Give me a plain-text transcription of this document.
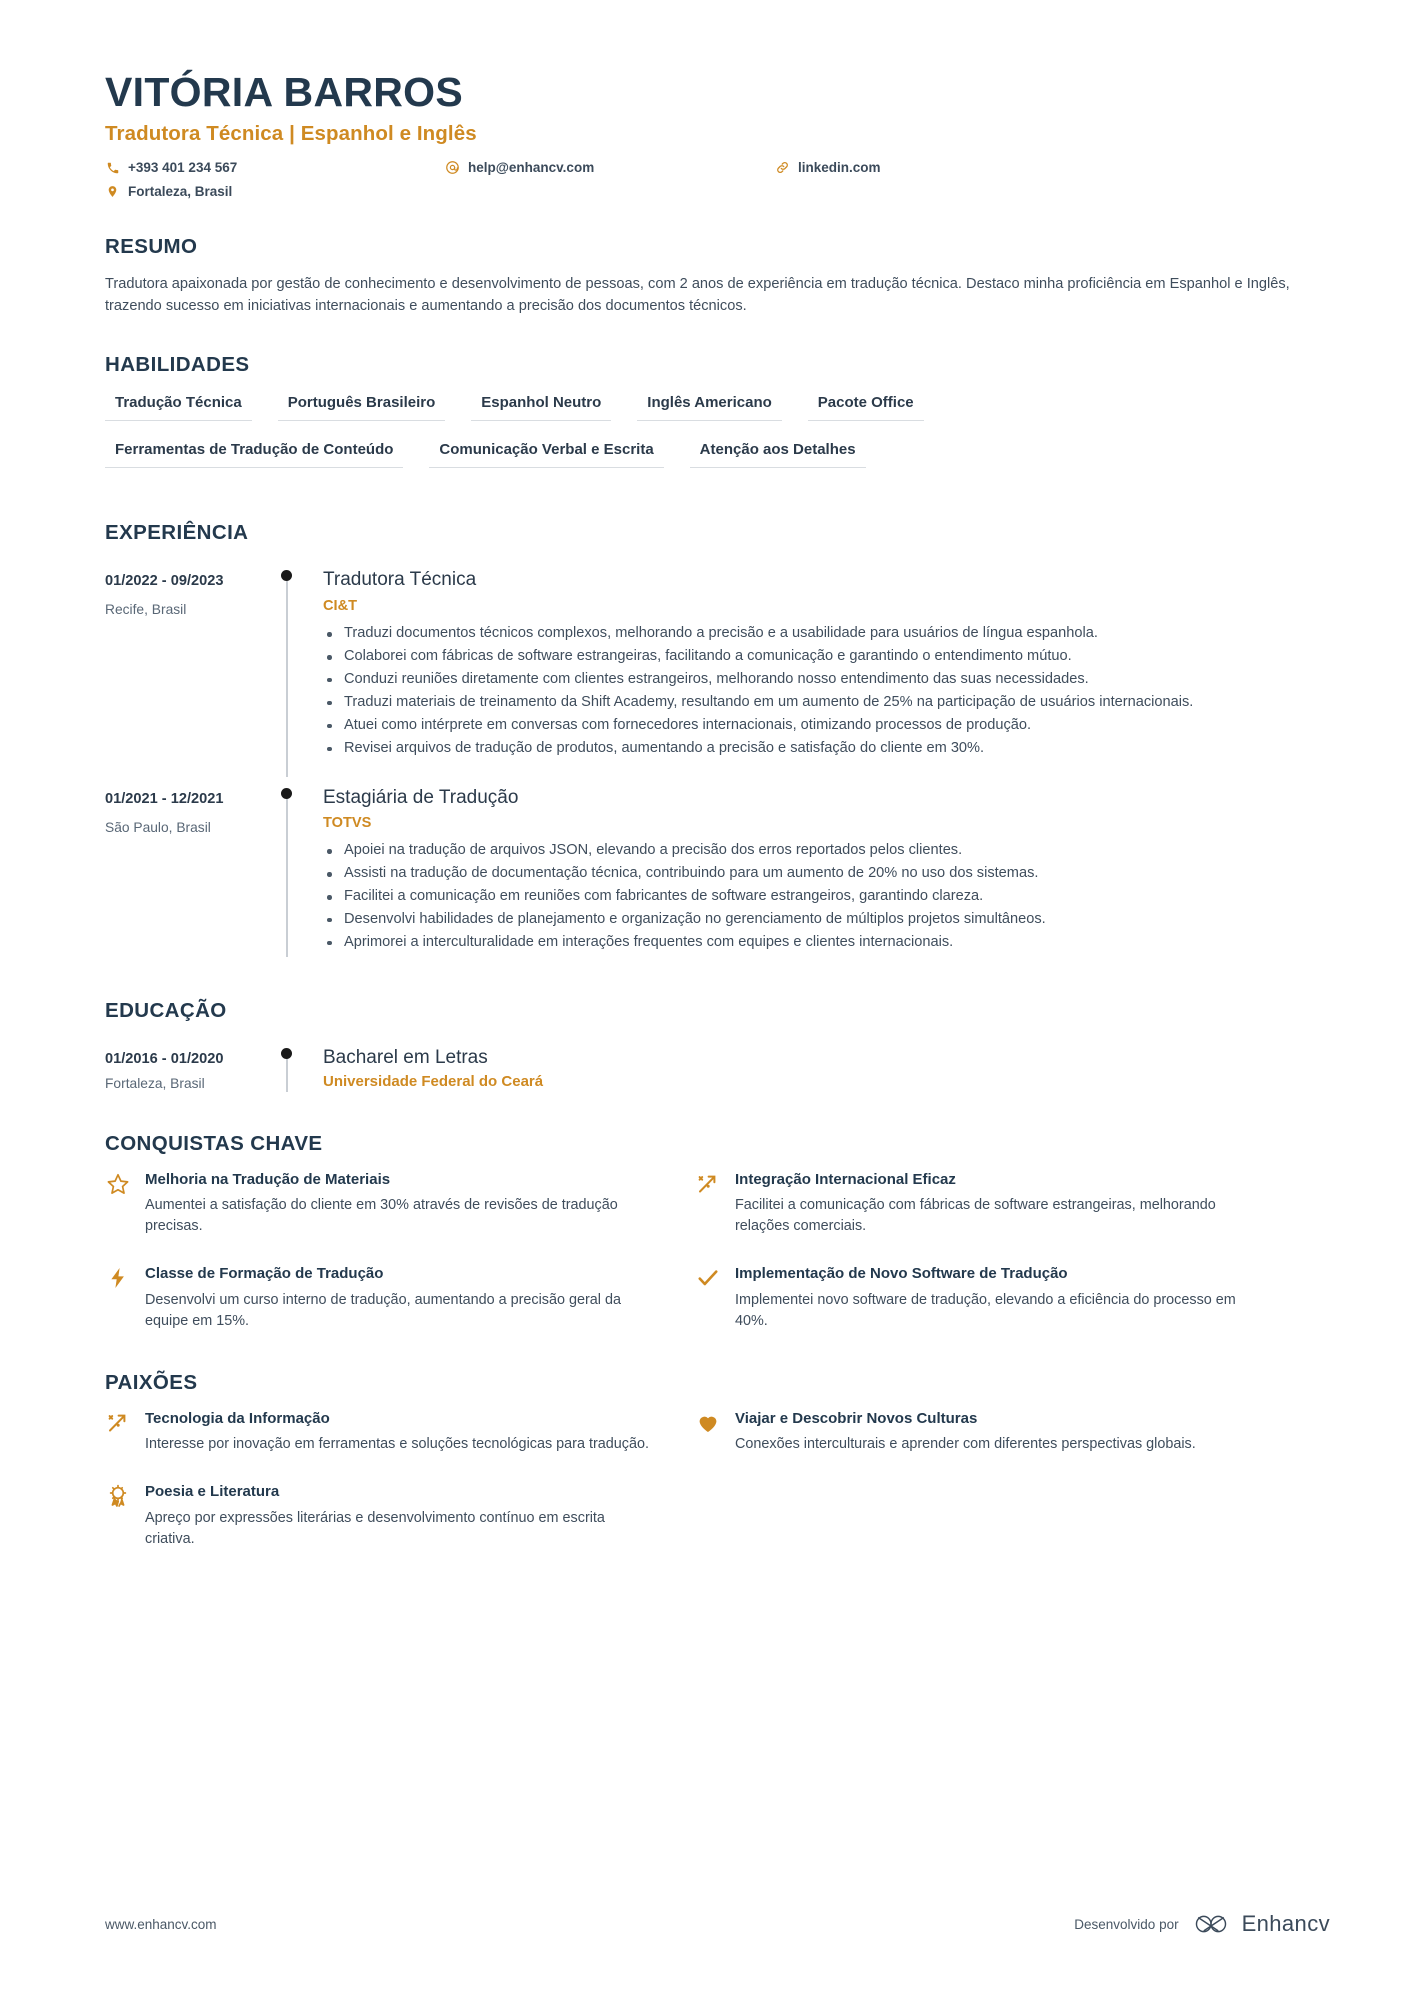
VITÓRIA BARROS
Tradutora Técnica | Espanhol e Inglês
+393 401 234 567	help@enhancv.com	linkedin.com
Fortaleza, Brasil
RESUMO
Tradutora apaixonada por gestão de conhecimento e desenvolvimento de pessoas, com 2 anos de experiência em tradução técnica. Destaco minha proficiência em Espanhol e Inglês, trazendo sucesso em iniciativas internacionais e aumentando a precisão dos documentos técnicos.
HABILIDADES
Tradução Técnica	Português Brasileiro	Espanhol Neutro	Inglês Americano	Pacote Office
Ferramentas de Tradução de Conteúdo	Comunicação Verbal e Escrita	Atenção aos Detalhes
EXPERIÊNCIA
01/2022 - 09/2023
Recife, Brasil
Tradutora Técnica
CI&T
Traduzi documentos técnicos complexos, melhorando a precisão e a usabilidade para usuários de língua espanhola.
Colaborei com fábricas de software estrangeiras, facilitando a comunicação e garantindo o entendimento mútuo.
Conduzi reuniões diretamente com clientes estrangeiros, melhorando nosso entendimento das suas necessidades.
Traduzi materiais de treinamento da Shift Academy, resultando em um aumento de 25% na participação de usuários internacionais.
Atuei como intérprete em conversas com fornecedores internacionais, otimizando processos de produção.
Revisei arquivos de tradução de produtos, aumentando a precisão e satisfação do cliente em 30%.
01/2021 - 12/2021
São Paulo, Brasil
Estagiária de Tradução
TOTVS
Apoiei na tradução de arquivos JSON, elevando a precisão dos erros reportados pelos clientes.
Assisti na tradução de documentação técnica, contribuindo para um aumento de 20% no uso dos sistemas.
Facilitei a comunicação em reuniões com fabricantes de software estrangeiros, garantindo clareza.
Desenvolvi habilidades de planejamento e organização no gerenciamento de múltiplos projetos simultâneos.
Aprimorei a interculturalidade em interações frequentes com equipes e clientes internacionais.
EDUCAÇÃO
01/2016 - 01/2020
Fortaleza, Brasil
Bacharel em Letras
Universidade Federal do Ceará
CONQUISTAS CHAVE
Melhoria na Tradução de Materiais
Aumentei a satisfação do cliente em 30% através de revisões de tradução precisas.
Integração Internacional Eficaz
Facilitei a comunicação com fábricas de software estrangeiras, melhorando relações comerciais.
Classe de Formação de Tradução
Desenvolvi um curso interno de tradução, aumentando a precisão geral da equipe em 15%.
Implementação de Novo Software de Tradução
Implementei novo software de tradução, elevando a eficiência do processo em 40%.
PAIXÕES
Tecnologia da Informação
Interesse por inovação em ferramentas e soluções tecnológicas para tradução.
Viajar e Descobrir Novos Culturas
Conexões interculturais e aprender com diferentes perspectivas globais.
Poesia e Literatura
Apreço por expressões literárias e desenvolvimento contínuo em escrita criativa.
www.enhancv.com	Desenvolvido por	Enhancv
